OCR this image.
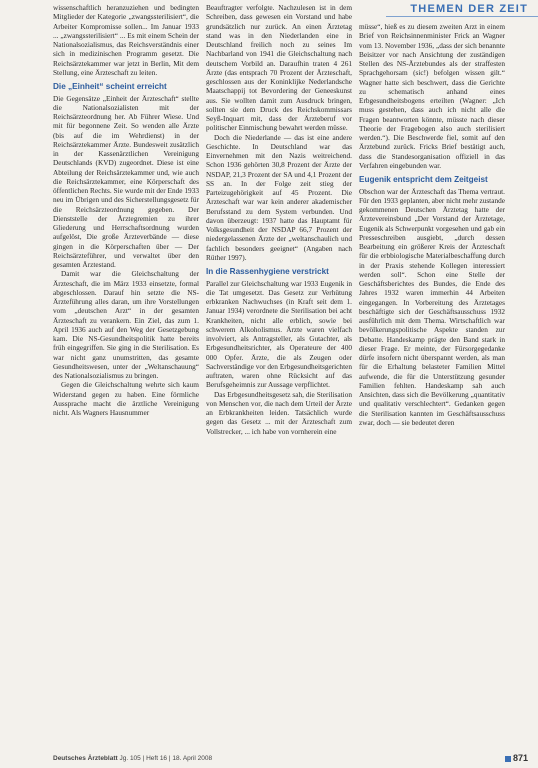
THEMEN DER ZEIT

wissenschaftlich heranzuziehen und bedingten Mitglieder der Kategorie „zwangssterilisiert“, die Arbeiter Kompromisse sollen... Im Januar 1933 ... „zwangssterilisiert“ ... Es mit einem Schein der Nationalsozialismus, das Reichsverständnis einer sich in medizinischen Programm gesetzt. Die Reichsärztekammer war jetzt in Berlin, Mit dem Stellung, eine Ärzteschaft zu leiten.

Die „Einheit“ scheint erreicht

Die Gegensätze „Einheit der Ärzteschaft“ stellte die Nationalsozialisten mit der Reichsärzteordnung her. Ab Führer Wiese. Und mit für begonnene Zeit. So wenden alle Ärzte (bis auf die im Wehrdienst) in der Reichsärztekammer Ärzte. Bundesweit zusätzlich in der Kassenärztlichen Vereinigung Deutschlands (KVD) zugeordnet. Diese ist eine Abteilung der Reichsärztekammer und, wie auch die Reichsärztekammer, eine Körperschaft des öffentlichen Rechts. Sie wurde mit der Ende 1933 neu im Übrigen und des Sicherstellungsgesetz für die Reichsärzteordnung gegeben. Der Dienststelle der Ärztegremien zu ihrer Gliederung und Herrschaftsordnung wurden aufgelöst, Die große Ärzteverbände — diese gingen in die Körperschaften über — Der Reichsärzteführer, und verwaltet über den gesamten Ärztestand.

Damit war die Gleichschaltung der Ärzteschaft, die im März 1933 einsetzte, formal abgeschlossen. Darauf hin setzte die NS-Ärzteführung alles daran, um ihre Vorstellungen vom „deutschen Arzt“ in der gesamten Ärzteschaft zu verankern. Ein Ziel, das zum 1. April 1936 auch auf den Weg der Gesetzgebung kam. Die NS-Gesundheitspolitik hatte bereits früh eingegriffen. Sie ging in die Sterilisation. Es war nicht ganz unumstritten, das gesamte Gesundheitswesen, unter der „Weltanschauung“ des Nationalsozialismus zu bringen.

Gegen die Gleichschaltung wehrte sich kaum Widerstand gegen zu haben. Eine förmliche Aussprache macht die ärztliche Vereinigung nicht. Als Wagners Hausnummer

Beauftragter verfolgte. Nachzulesen ist in dem Schreiben, dass gewesen ein Vorstand und habe grundsätzlich nur zurück. An einen Ärztetag stand was in den Niederlanden eine in Deutschland freilich noch zu seines Im Nachbarland von 1941 die Gleichschaltung nach deutschem Vorbild an. Daraufhin traten 4 261 Ärzte (das entsprach 70 Prozent der Ärzteschaft, geschlossen aus der Koninklijke Nederlandsche Maatschappij tot Bevordering der Geneeskunst aus. Sie wollten damit zum Ausdruck bringen, sollten sie dem Druck des Reichskommissars Seyß-Inquart mit, dass der Ärzteberuf vor politischer Einmischung bewahrt werden müsse.

Doch die Niederlande — das ist eine andere Geschichte. In Deutschland war das Einvernehmen mit den Nazis weitreichend. Schon 1936 gehörten 30,8 Prozent der Ärzte der NSDAP, 21,3 Prozent der SA und 4,1 Prozent der SS an. In der Folge zeit stieg der Parteizugehörigkeit auf 45 Prozent. Die Ärzteschaft war war kein anderer akademischer Berufsstand zu dem System verbunden. Und davon überzeugt: 1937 hatte das Hauptamt für Volksgesundheit der NSDAP 66,7 Prozent der niedergelassenen Ärzte der „weltanschaulich und fachlich besonders geeignet“ (Angaben nach Rüther 1997).

In die Rassenhygiene verstrickt

Parallel zur Gleichschaltung war 1933 Eugenik in die Tat umgesetzt. Das Gesetz zur Verhütung erbkranken Nachwuchses (in Kraft seit dem 1. Januar 1934) verordnete die Sterilisation bei acht Krankheiten, nicht alle erblich, sowie bei schwerem Alkoholismus. Ärzte waren vielfach involviert, als Antragsteller, als Gutachter, als Erbgesundheitsrichter, als Operateure der 400 000 Opfer. Ärzte, die als Zeugen oder Sachverständige vor den Erbgesundheitsgerichten auftraten, waren ohne Rücksicht auf das Berufsgeheimnis zur Aussage verpflichtet.

Das Erbgesundheitsgesetz sah, die Sterilisation von Menschen vor, die nach dem Urteil der Ärzte an Erbkrankheiten leiden. Tatsächlich wurde gegen das Gesetz ... mit der Ärzteschaft zum Vollstrecker, ... ich habe von vornherein eine

müsse“, hieß es zu diesem zweiten Arzt in einem Brief von Reichsinnenminister Frick an Wagner vom 13. November 1936, „dass der sich benannte Beisitzer vor nach Ansichtung der zuständigen Stellen des NS-Ärztebundes als der straffesten Sprachgehorsam (sic!) befolgen wissen gilt.“ Wagner hatte sich beschwert, dass die Gerichte zu schematisch anhand eines Erbgesundheitsbogens erteilten (Wagner: „Ich muss gestehen, dass auch ich nicht alle die Fragen beantworten könnte, müsste nach dieser Theorie der Fragebogen also auch sterilisiert werden.“). Die Beschwerde fiel, somit auf den Ärztebund zurück. Fricks Brief bestätigt auch, dass die Standesorganisation offiziell in das Verfahren eingebunden war.

Eugenik entspricht dem Zeitgeist

Obschon war der Ärzteschaft das Thema vertraut. Für den 1933 geplanten, aber nicht mehr zustande gekommenen Deutschen Ärztetag hatte der Ärztevereinsbund „Der Vorstand der Ärztetage, Eugenik als Schwerpunkt vorgesehen und gab ein Presseschreiben ausgiebt, „durch dessen Bearbeitung ein größerer Kreis der Ärzteschaft für die erbbiologische Materialbeschaffung durch in der Praxis stehende Kollegen interessiert werden soll“. Schon eine Stelle der Geschäftsberichtes des Bundes, die Ende des Jahres 1932 waren immerhin 44 Arbeiten eingegangen. In Vorbereitung des Ärztetages beschäftigte sich der Geschäftsausschuss 1932 ausführlich mit dem Thema. Wirtschaftlich war bevölkerungspolitische Aspekte standen zur Debatte. Handeskamp prägte den Band stark in dieser Frage. Er meinte, der Fürsorgegedanke dürfe insofern nicht überspannt werden, als man für die Erhaltung belasteter Familien Mittel aufwende, die für die Unterstützung gesunder Familien fehlten. Handeskamp sah auch Ansichten, dass sich die Bevölkerung „quantitativ und qualitativ verschlechtert“. Gedanken gegen die Sterilisation kannten im Geschäftsausschuss zwar, doch — sie bedeutet deren

Deutsches Ärzteblatt Jg. 105 | Heft 16 | 18. April 2008	871
